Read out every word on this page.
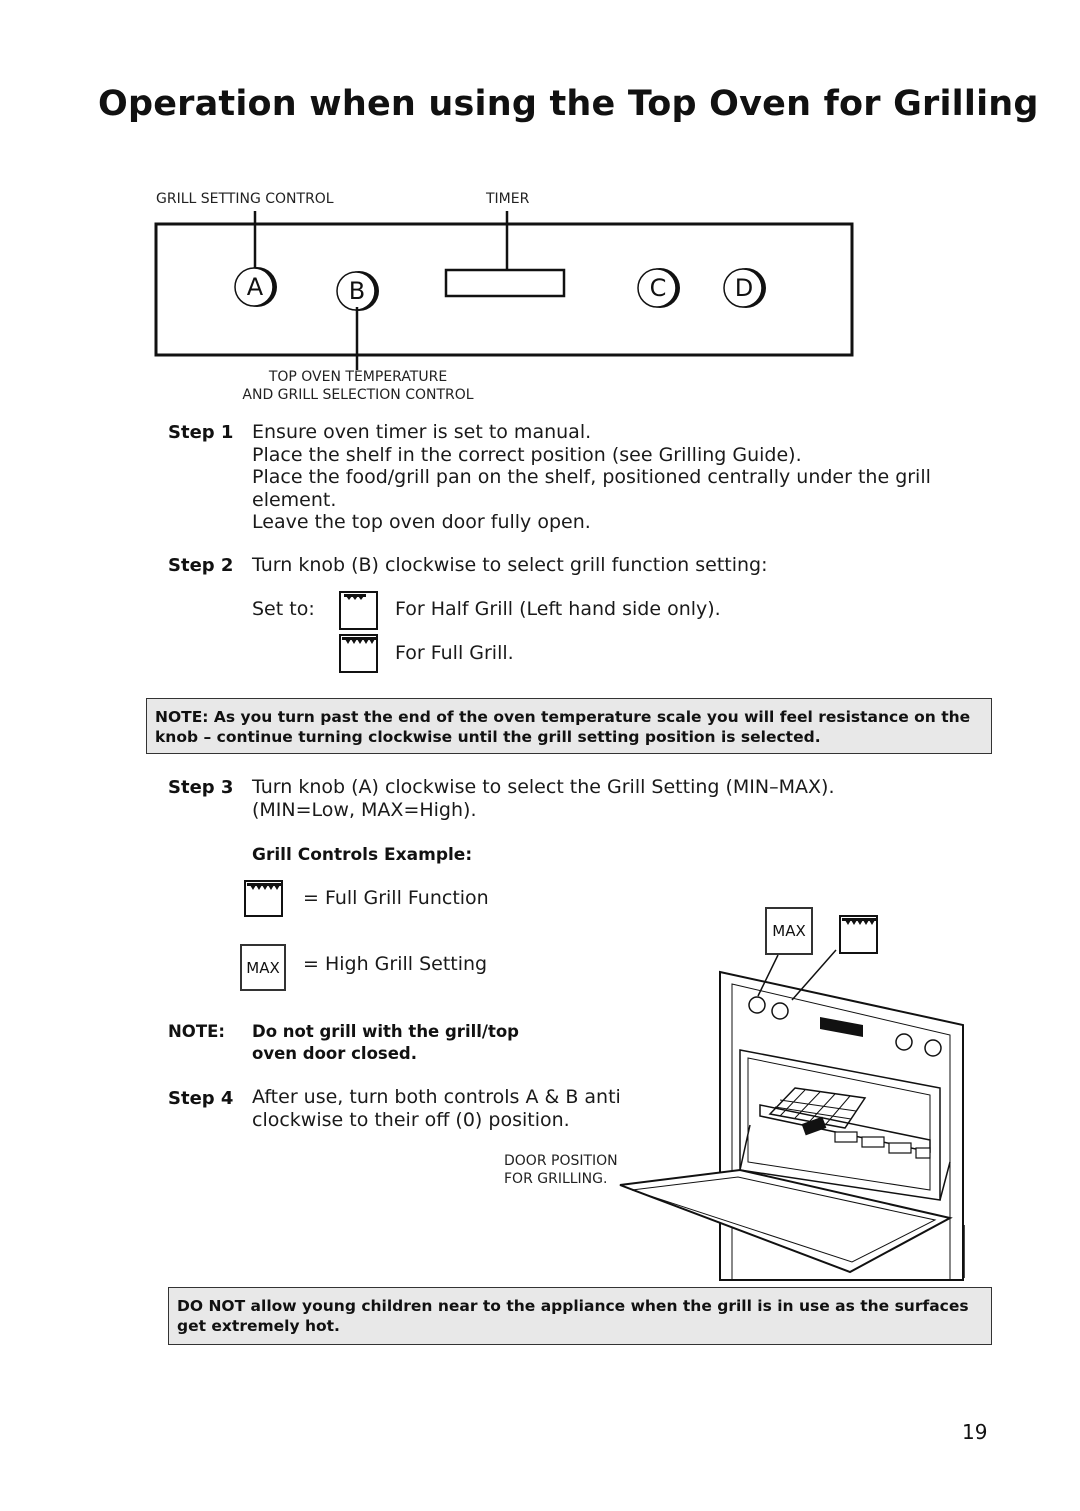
Operation when using the Top Oven for Grilling
GRILL SETTING CONTROL	TIMER
A	B	C	D
TOP OVEN TEMPERATURE
AND GRILL SELECTION CONTROL
Step 1 Ensure oven timer is set to manual.
Place the shelf in the correct position (see Grilling Guide).
Place the food/grill pan on the shelf, positioned centrally under the grill element.
Leave the top oven door fully open.
Step 2 Turn knob (B) clockwise to select grill function setting:
Set to:	For Half Grill (Left hand side only).
For Full Grill.
NOTE: As you turn past the end of the oven temperature scale you will feel resistance on the knob – continue turning clockwise until the grill setting position is selected.
Step 3 Turn knob (A) clockwise to select the Grill Setting (MIN–MAX). (MIN=Low, MAX=High).
Grill Controls Example:
= Full Grill Function
MAX = High Grill Setting
NOTE: Do not grill with the grill/top oven door closed.
Step 4 After use, turn both controls A & B anti clockwise to their off (0) position.
MAX
DOOR POSITION
FOR GRILLING.
DO NOT allow young children near to the appliance when the grill is in use as the surfaces get extremely hot.
19
